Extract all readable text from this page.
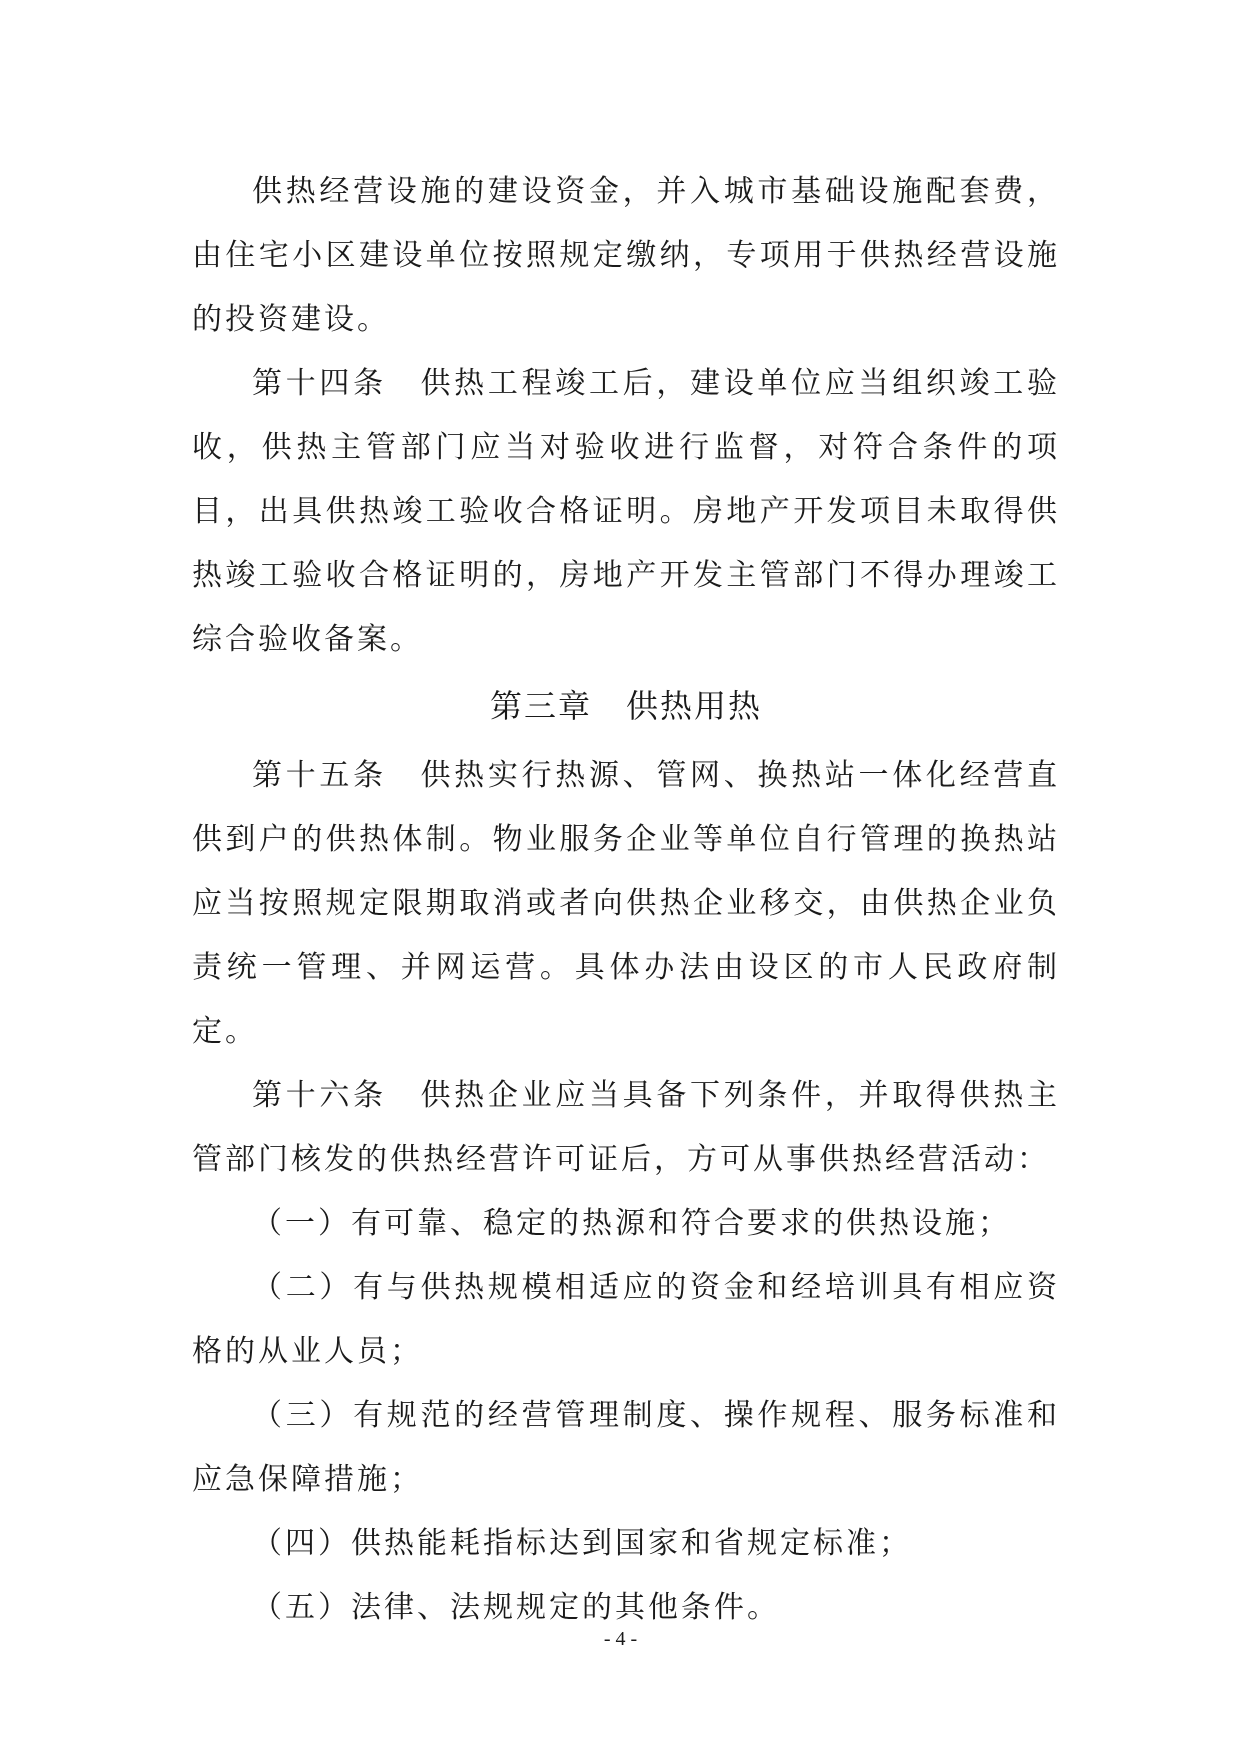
供热经营设施的建设资金，并入城市基础设施配套费，由住宅小区建设单位按照规定缴纳，专项用于供热经营设施的投资建设。

第十四条　供热工程竣工后，建设单位应当组织竣工验收，供热主管部门应当对验收进行监督，对符合条件的项目，出具供热竣工验收合格证明。房地产开发项目未取得供热竣工验收合格证明的，房地产开发主管部门不得办理竣工综合验收备案。

第三章　供热用热

第十五条　供热实行热源、管网、换热站一体化经营直供到户的供热体制。物业服务企业等单位自行管理的换热站应当按照规定限期取消或者向供热企业移交，由供热企业负责统一管理、并网运营。具体办法由设区的市人民政府制定。

第十六条　供热企业应当具备下列条件，并取得供热主管部门核发的供热经营许可证后，方可从事供热经营活动：

（一）有可靠、稳定的热源和符合要求的供热设施；

（二）有与供热规模相适应的资金和经培训具有相应资格的从业人员；

（三）有规范的经营管理制度、操作规程、服务标准和应急保障措施；

（四）供热能耗指标达到国家和省规定标准；

（五）法律、法规规定的其他条件。

- 4 -
